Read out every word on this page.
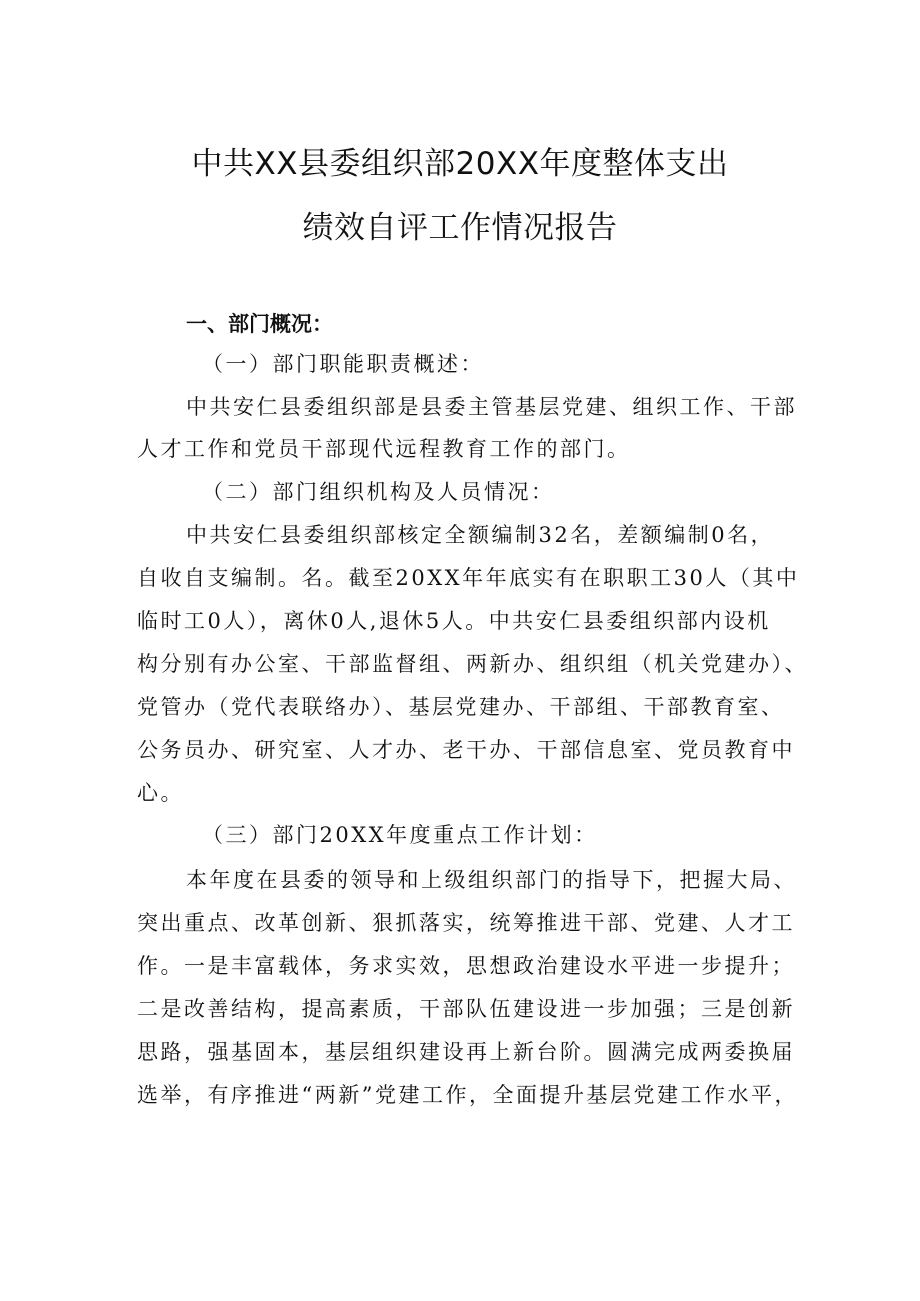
中共XX县委组织部20XX年度整体支出
绩效自评工作情况报告
一、部门概况：

（一）部门职能职责概述：

中共安仁县委组织部是县委主管基层党建、组织工作、干部

人才工作和党员干部现代远程教育工作的部门。

（二）部门组织机构及人员情况：

中共安仁县委组织部核定全额编制32名，差额编制0名，

自收自支编制。名。截至20XX年年底实有在职职工30人（其中

临时工0人），离休0人,退休5人。中共安仁县委组织部内设机

构分别有办公室、干部监督组、两新办、组织组（机关党建办）、

党管办（党代表联络办）、基层党建办、干部组、干部教育室、

公务员办、研究室、人才办、老干办、干部信息室、党员教育中

心。

（三）部门20XX年度重点工作计划：

本年度在县委的领导和上级组织部门的指导下，把握大局、

突出重点、改革创新、狠抓落实，统筹推进干部、党建、人才工

作。一是丰富载体，务求实效，思想政治建设水平进一步提升；

二是改善结构，提高素质，干部队伍建设进一步加强；三是创新

思路，强基固本，基层组织建设再上新台阶。圆满完成两委换届

选举，有序推进“两新”党建工作，全面提升基层党建工作水平，
